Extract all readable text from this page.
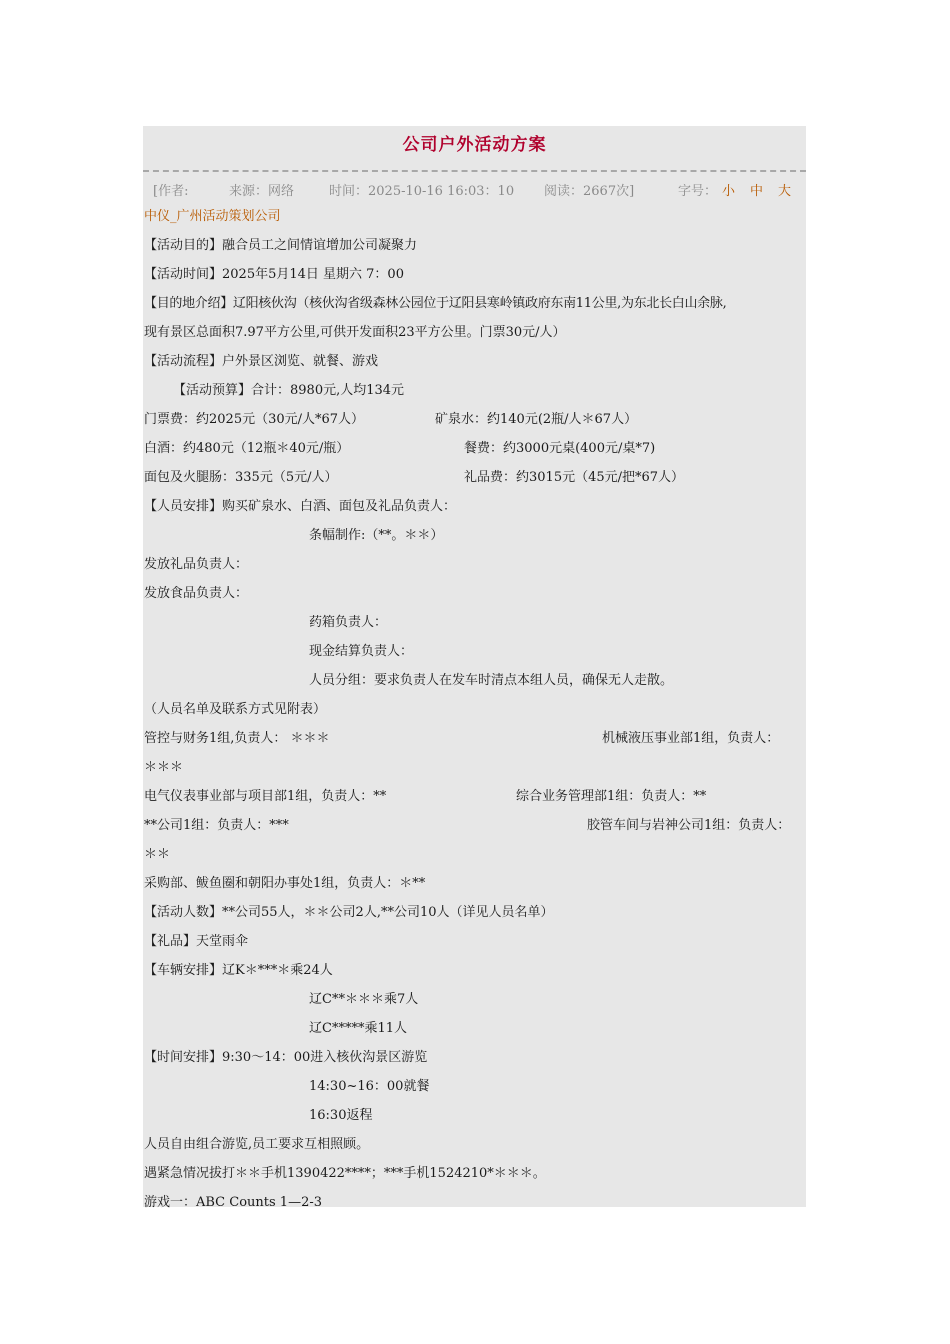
公司户外活动方案
[作者:	来源：网络	时间：2025-10-16 16:03：10 阅读：2667次]	字号： 小 中 大
中仪_广州活动策划公司
【活动目的】融合员工之间情谊增加公司凝聚力
【活动时间】2025年5月14日 星期六 7：00
【目的地介绍】辽阳核伙沟（核伙沟省级森林公园位于辽阳县寒岭镇政府东南11公里,为东北长白山余脉,
现有景区总面积7.97平方公里,可供开发面积23平方公里。门票30元/人）
【活动流程】户外景区浏览、就餐、游戏
【活动预算】合计：8980元,人均134元
门票费：约2025元（30元/人*67人）	矿泉水：约140元(2瓶/人＊67人）
白酒：约480元（12瓶＊40元/瓶）	餐费：约3000元桌(400元/桌*7)
面包及火腿肠：335元（5元/人）	礼品费：约3015元（45元/把*67人）
【人员安排】购买矿泉水、白酒、面包及礼品负责人：
条幅制作:（**。＊＊）
发放礼品负责人：
发放食品负责人：
药箱负责人：
现金结算负责人：
人员分组：要求负责人在发车时清点本组人员，确保无人走散。
（人员名单及联系方式见附表）
管控与财务1组,负责人： ＊＊＊	机械液压事业部1组，负责人：
＊＊＊
电气仪表事业部与项目部1组，负责人：**	综合业务管理部1组：负责人：**
**公司1组：负责人：***	胶管车间与岩神公司1组：负责人：
＊＊
采购部、鲅鱼圈和朝阳办事处1组，负责人：＊**
【活动人数】**公司55人，＊＊公司2人,**公司10人（详见人员名单）
【礼品】天堂雨伞
【车辆安排】辽K＊***＊乘24人
辽C**＊＊＊乘7人
辽C*****乘11人
【时间安排】9:30～14：00进入核伙沟景区游览
14:30~16：00就餐
16:30返程
人员自由组合游览,员工要求互相照顾。
遇紧急情况拔打＊＊手机1390422****；***手机1524210*＊＊＊。
游戏一：ABC Counts 1—2-3
